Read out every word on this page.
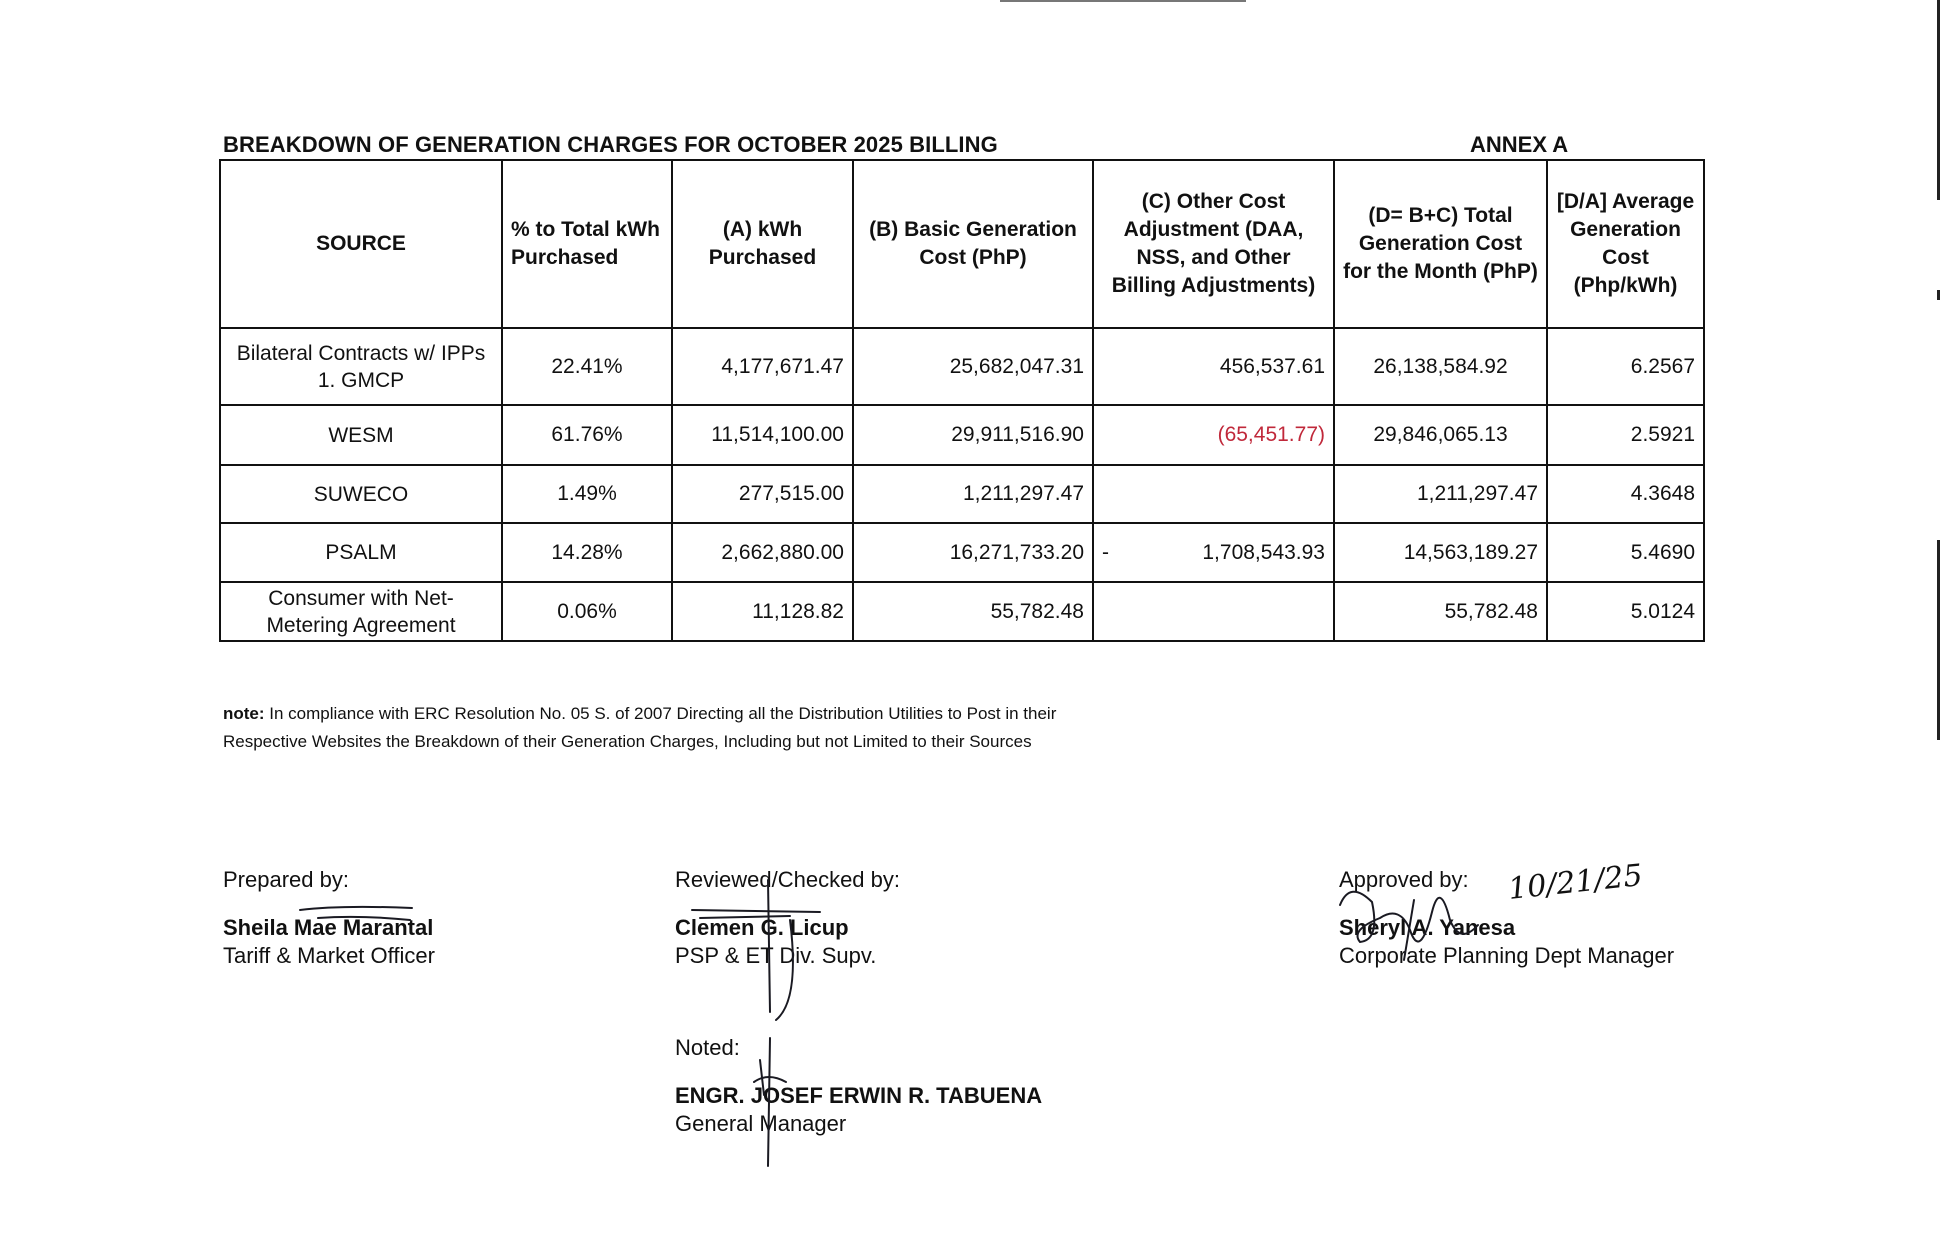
BREAKDOWN OF GENERATION CHARGES FOR OCTOBER 2025 BILLING	ANNEX A
SOURCE	% to Total kWh Purchased	(A) kWh Purchased	(B) Basic Generation Cost (PhP)	(C) Other Cost Adjustment (DAA, NSS, and Other Billing Adjustments)	(D= B+C) Total Generation Cost for the Month (PhP)	[D/A] Average Generation Cost (Php/kWh)
Bilateral Contracts w/ IPPs 1. GMCP	22.41%	4,177,671.47	25,682,047.31	456,537.61	26,138,584.92	6.2567
WESM	61.76%	11,514,100.00	29,911,516.90	(65,451.77)	29,846,065.13	2.5921
SUWECO	1.49%	277,515.00	1,211,297.47		1,211,297.47	4.3648
PSALM	14.28%	2,662,880.00	16,271,733.20	- 1,708,543.93	14,563,189.27	5.4690
Consumer with Net-Metering Agreement	0.06%	11,128.82	55,782.48		55,782.48	5.0124
note: In compliance with ERC Resolution No. 05 S. of 2007 Directing all the Distribution Utilities to Post in their
Respective Websites the Breakdown of their Generation Charges, Including but not Limited to their Sources
Prepared by:
Sheila Mae Marantal
Tariff & Market Officer
Reviewed/Checked by:
Clemen G. Licup
PSP & ET Div. Supv.
Approved by:
Sheryl A. Yanesa
Corporate Planning Dept Manager
Noted:
ENGR. JOSEF ERWIN R. TABUENA
General Manager
10/21/25
